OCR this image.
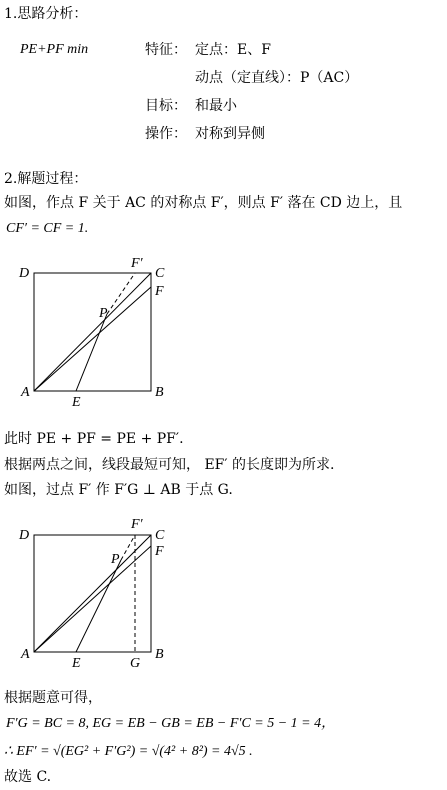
1.思路分析：
PE+PF min	特征： 定点：E、F
动点（定直线）：P（AC）
目标： 和最小
操作： 对称到异侧
2.解题过程：
如图，作点 F 关于 AC 的对称点 F′，则点 F′ 落在 CD 边上，且
CF′ = CF = 1.
D	C
F′
F
P
A
E
B
此时 PE + PF = PE + PF′.
根据两点之间，线段最短可知， EF′ 的长度即为所求.
如图，过点 F′ 作 F′G ⊥ AB 于点 G.
D	C
F′
F
P
A
E	G
B
根据题意可得，
F′G = BC = 8, EG = EB − GB = EB − F′C = 5 − 1 = 4，
∴ EF′ = √(EG² + F′G²) = √(4² + 8²) = 4√5 .
故选 C.
